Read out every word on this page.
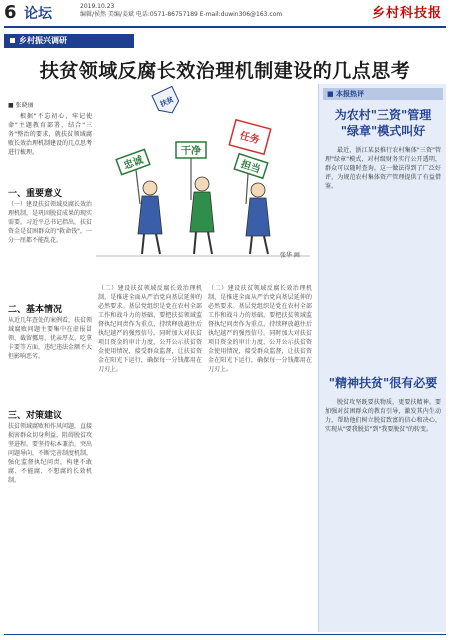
6 论坛	2019.10.23
编辑/侯然 美编/姜斌 电话:0571-86757189 E-mail:duwin306@163.com	乡村科技报
乡村振兴调研
扶贫领域反腐长效治理机制建设的几点思考
■ 张晓丽
根据"不忘初心、牢记使命"主题教育部署，结合"三务"整治的要求，就扶贫领域腐败长效治理机制建设的几点思考进行梳理。
一、重要意义
（一）建设扶贫领域反腐长效治理机制，是巩固脱贫成果的现实需要。习近平总书记指出，扶贫资金是贫困群众的"救命钱"，一分一厘都不能乱花。
二、基本情况
从近几年查处的案例看，扶贫领域腐败问题主要集中在虚报冒领、截留挪用、优亲厚友、吃拿卡要等方面，违纪违法金额不大但影响恶劣。
三、对策建议
扶贫领域腐败和作风问题，直接损害群众切身利益，阻碍脱贫攻坚进程。要坚持标本兼治，突出问题导向，不断完善制度机制，强化监督执纪问责，构建不敢腐、不能腐、不想腐的长效机制。
（二）建设扶贫领域反腐长效治理机制，是推进全面从严治党向基层延伸的必然要求。基层党组织是党在农村全部工作和战斗力的基础，要把扶贫领域监督执纪问责作为重点，持续释放越往后执纪越严的强烈信号。同时加大对扶贫项目资金的审计力度，公开公示扶贫资金使用情况，接受群众监督，让扶贫资金在阳光下运行，确保每一分钱都用在刀刃上。
（二）建设扶贫领域反腐长效治理机制，是推进全面从严治党向基层延伸的必然要求。基层党组织是党在农村全部工作和战斗力的基础，要把扶贫领域监督执纪问责作为重点，持续释放越往后执纪越严的强烈信号。同时加大对扶贫项目资金的审计力度，公开公示扶贫资金使用情况，接受群众监督，让扶贫资金在阳光下运行，确保每一分钱都用在刀刃上。
忠诚
干净
任务
担当
扶贫
张华 画
■ 本报热评
为农村"三资"管理
"绿章"模式叫好
最近，浙江某县推行农村集体"三资"管理"绿章"模式，对村级财务实行公开透明，群众可以随时查询。这一做法得到了广泛好评，为规范农村集体资产管理提供了有益借鉴。
"精神扶贫"很有必要
脱贫攻坚既要扶物质，更要扶精神。要加强对贫困群众的教育引导，激发其内生动力，帮助他们树立脱贫致富的信心和决心，实现从"要我脱贫"到"我要脱贫"的转变。
